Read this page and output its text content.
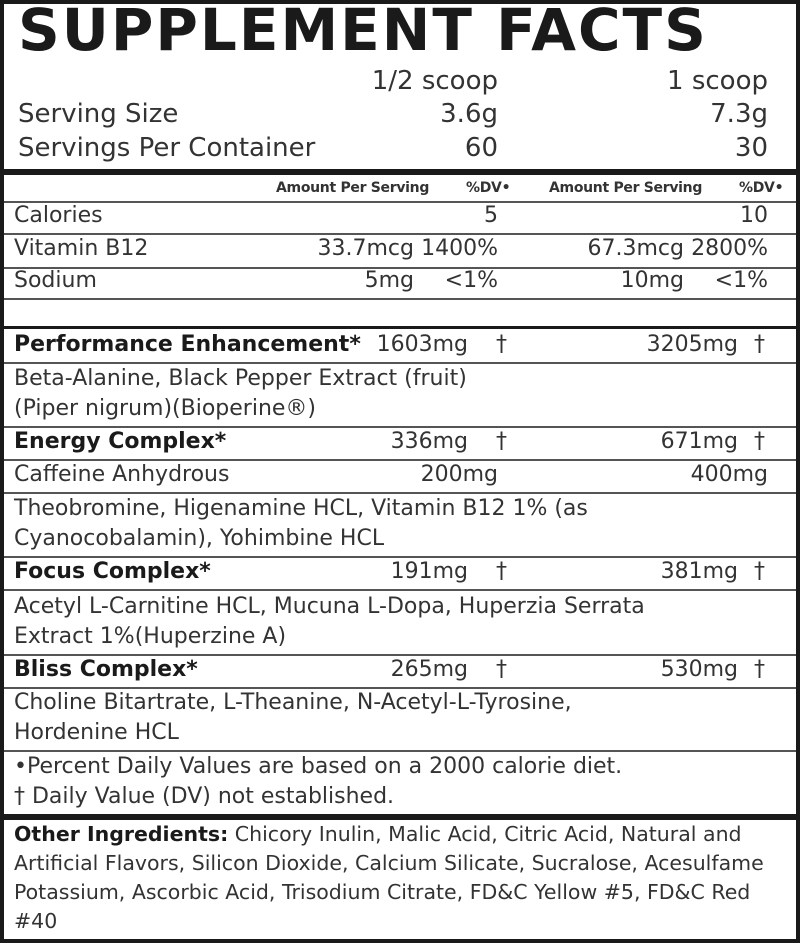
SUPPLEMENT FACTS
1/2 scoop	1 scoop
Serving Size	3.6g	7.3g
Servings Per Container	60	30
Amount Per Serving	%DV•	Amount Per Serving	%DV•
Calories	5	10
Vitamin B12	33.7mcg 1400%	67.3mcg 2800%
Sodium	5mg <1%	10mg <1%
Performance Enhancement* 1603mg †	3205mg †
Beta-Alanine, Black Pepper Extract (fruit)
(Piper nigrum)(Bioperine®)
Energy Complex*	336mg †	671mg †
Caffeine Anhydrous	200mg	400mg
Theobromine, Higenamine HCL, Vitamin B12 1% (as
Cyanocobalamin), Yohimbine HCL
Focus Complex*	191mg †	381mg †
Acetyl L-Carnitine HCL, Mucuna L-Dopa, Huperzia Serrata
Extract 1%(Huperzine A)
Bliss Complex*	265mg †	530mg †
Choline Bitartrate, L-Theanine, N-Acetyl-L-Tyrosine,
Hordenine HCL
•Percent Daily Values are based on a 2000 calorie diet.
† Daily Value (DV) not established.
Other Ingredients: Chicory Inulin, Malic Acid, Citric Acid, Natural and Artificial Flavors, Silicon Dioxide, Calcium Silicate, Sucralose, Acesulfame Potassium, Ascorbic Acid, Trisodium Citrate, FD&C Yellow #5, FD&C Red #40
